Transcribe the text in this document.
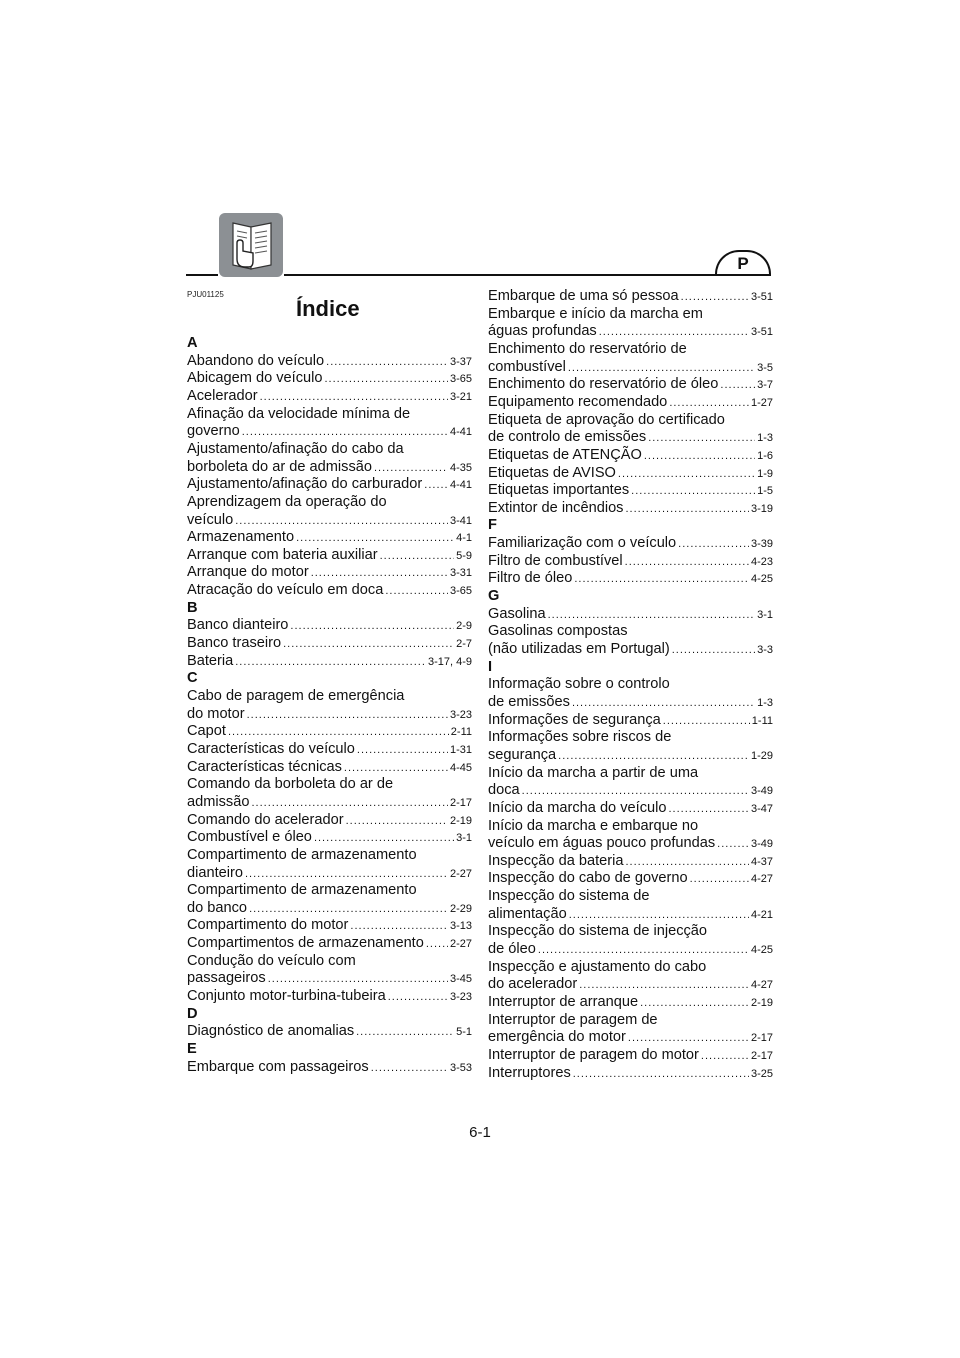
P
PJU01125
Índice
A
Abandono do veículo .....	3-37
Abicagem do veículo .....	3-65
Acelerador .....	3-21
Afinação da velocidade mínima de
governo .....	4-41
Ajustamento/afinação do cabo da
borboleta do ar de admissão .....	4-35
Ajustamento/afinação do carburador .....	4-41
Aprendizagem da operação do
veículo .....	3-41
Armazenamento .....	4-1
Arranque com bateria auxiliar .....	5-9
Arranque do motor .....	3-31
Atracação do veículo em doca .....	3-65
B
Banco dianteiro .....	2-9
Banco traseiro .....	2-7
Bateria .....	3-17, 4-9
C
Cabo de paragem de emergência
do motor .....	3-23
Capot .....	2-11
Características do veículo .....	1-31
Características técnicas .....	4-45
Comando da borboleta do ar de
admissão .....	2-17
Comando do acelerador .....	2-19
Combustível e óleo .....	3-1
Compartimento de armazenamento
dianteiro .....	2-27
Compartimento de armazenamento
do banco .....	2-29
Compartimento do motor .....	3-13
Compartimentos de armazenamento ..... 2-27
Condução do veículo com
passageiros .....	3-45
Conjunto motor-turbina-tubeira .....	3-23
D
Diagnóstico de anomalias .....	5-1
E
Embarque com passageiros .....	3-53
Embarque de uma só pessoa .....	3-51
Embarque e início da marcha em
águas profundas .....	3-51
Enchimento do reservatório de
combustível .....	3-5
Enchimento do reservatório de óleo .....	3-7
Equipamento recomendado .....	1-27
Etiqueta de aprovação do certificado
de controlo de emissões .....	1-3
Etiquetas de ATENÇÃO .....	1-6
Etiquetas de AVISO .....	1-9
Etiquetas importantes .....	1-5
Extintor de incêndios .....	3-19
F
Familiarização com o veículo .....	3-39
Filtro de combustível .....	4-23
Filtro de óleo .....	4-25
G
Gasolina .....	3-1
Gasolinas compostas
(não utilizadas em Portugal) .....	3-3
I
Informação sobre o controlo
de emissões .....	1-3
Informações de segurança .....	1-11
Informações sobre riscos de
segurança .....	1-29
Início da marcha a partir de uma
doca .....	3-49
Início da marcha do veículo .....	3-47
Início da marcha e embarque no
veículo em águas pouco profundas .....	3-49
Inspecção da bateria .....	4-37
Inspecção do cabo de governo .....	4-27
Inspecção do sistema de
alimentação .....	4-21
Inspecção do sistema de injecção
de óleo .....	4-25
Inspecção e ajustamento do cabo
do acelerador .....	4-27
Interruptor de arranque .....	2-19
Interruptor de paragem de
emergência do motor .....	2-17
Interruptor de paragem do motor .....	2-17
Interruptores .....	3-25
6-1
